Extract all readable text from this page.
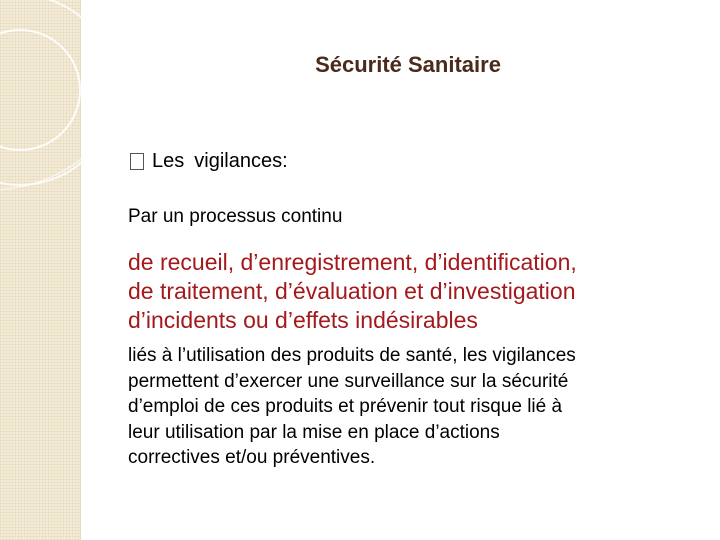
Sécurité Sanitaire
Les vigilances:
Par un processus continu
de recueil, d’enregistrement, d’identification,
de traitement, d’évaluation et d’investigation
d’incidents ou d’effets indésirables
liés à l’utilisation des produits de santé, les vigilances
permettent d’exercer une surveillance sur la sécurité
d’emploi de ces produits et prévenir tout risque lié à
leur utilisation par la mise en place d’actions
correctives et/ou préventives.
